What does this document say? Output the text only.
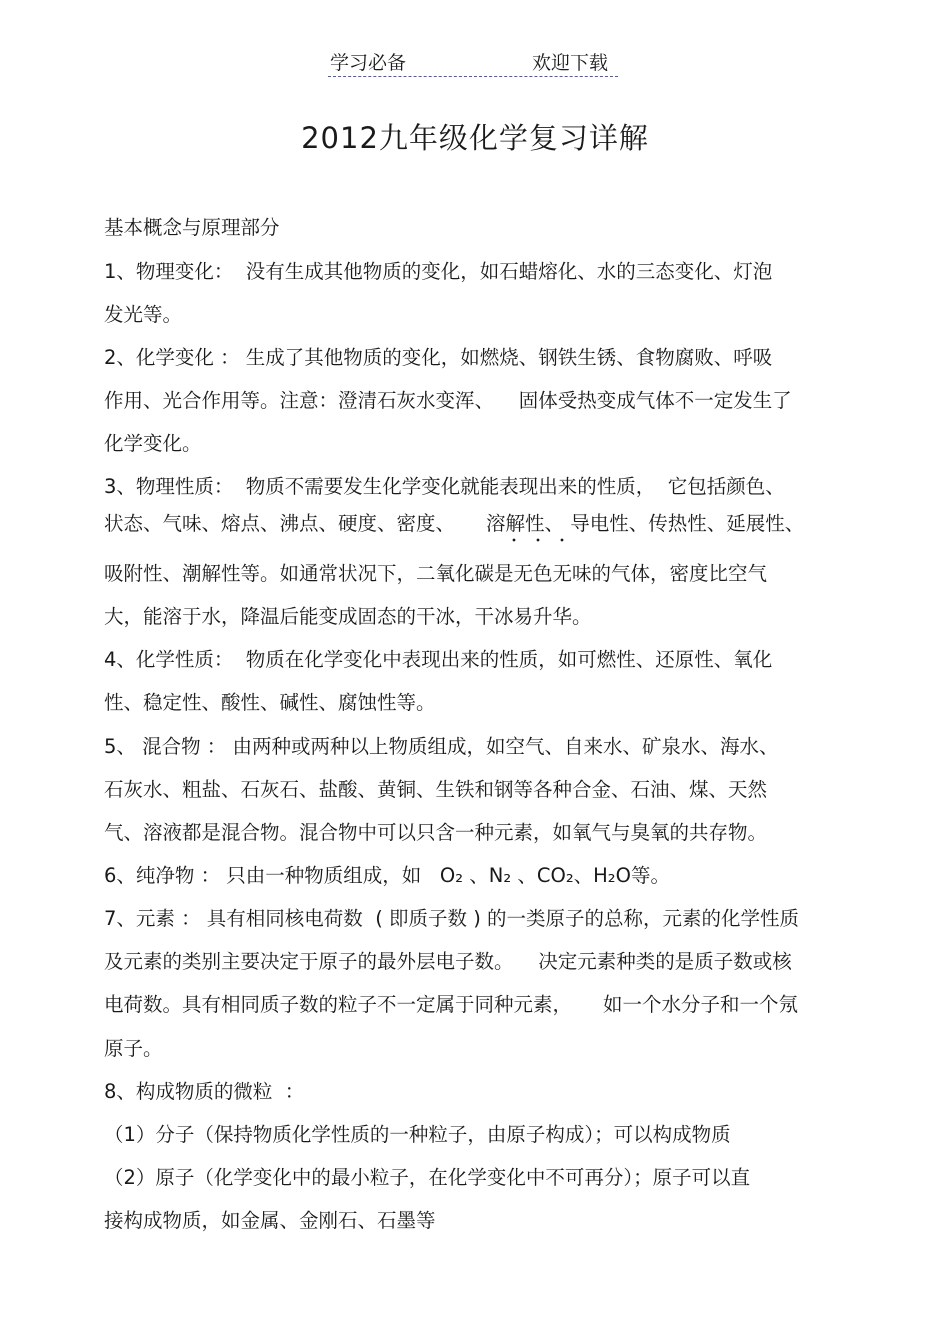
学习必备	欢迎下载
2012九年级化学复习详解
基本概念与原理部分
1、物理变化：  没有生成其他物质的变化，如石蜡熔化、水的三态变化、灯泡
发光等。
2、化学变化 ： 生成了其他物质的变化，如燃烧、钢铁生锈、食物腐败、呼吸
作用、光合作用等。注意：澄清石灰水变浑、    固体受热变成气体不一定发生了
化学变化。
3、物理性质：  物质不需要发生化学变化就能表现出来的性质，  它包括颜色、
状态、气味、熔点、沸点、硬度、密度、     溶解性、 导电性、传热性、延展性、
吸附性、潮解性等。如通常状况下，二氧化碳是无色无味的气体，密度比空气
大，能溶于水，降温后能变成固态的干冰，干冰易升华。
4、化学性质：  物质在化学变化中表现出来的性质，如可燃性、还原性、氧化
性、稳定性、酸性、碱性、腐蚀性等。
5、 混合物 ： 由两种或两种以上物质组成，如空气、自来水、矿泉水、海水、
石灰水、粗盐、石灰石、盐酸、黄铜、生铁和钢等各种合金、石油、煤、天然
气、溶液都是混合物。混合物中可以只含一种元素，如氧气与臭氧的共存物。
6、纯净物 ： 只由一种物质组成，如   O₂ 、N₂ 、CO₂、H₂O等。
7、元素 ： 具有相同核电荷数  ( 即质子数 ) 的一类原子的总称，元素的化学性质
及元素的类别主要决定于原子的最外层电子数。    决定元素种类的是质子数或核
电荷数。具有相同质子数的粒子不一定属于同种元素，     如一个水分子和一个氖
原子。
8、构成物质的微粒  ：
（1）分子（保持物质化学性质的一种粒子，由原子构成）；可以构成物质
（2）原子（化学变化中的最小粒子，在化学变化中不可再分）；原子可以直
接构成物质，如金属、金刚石、石墨等
